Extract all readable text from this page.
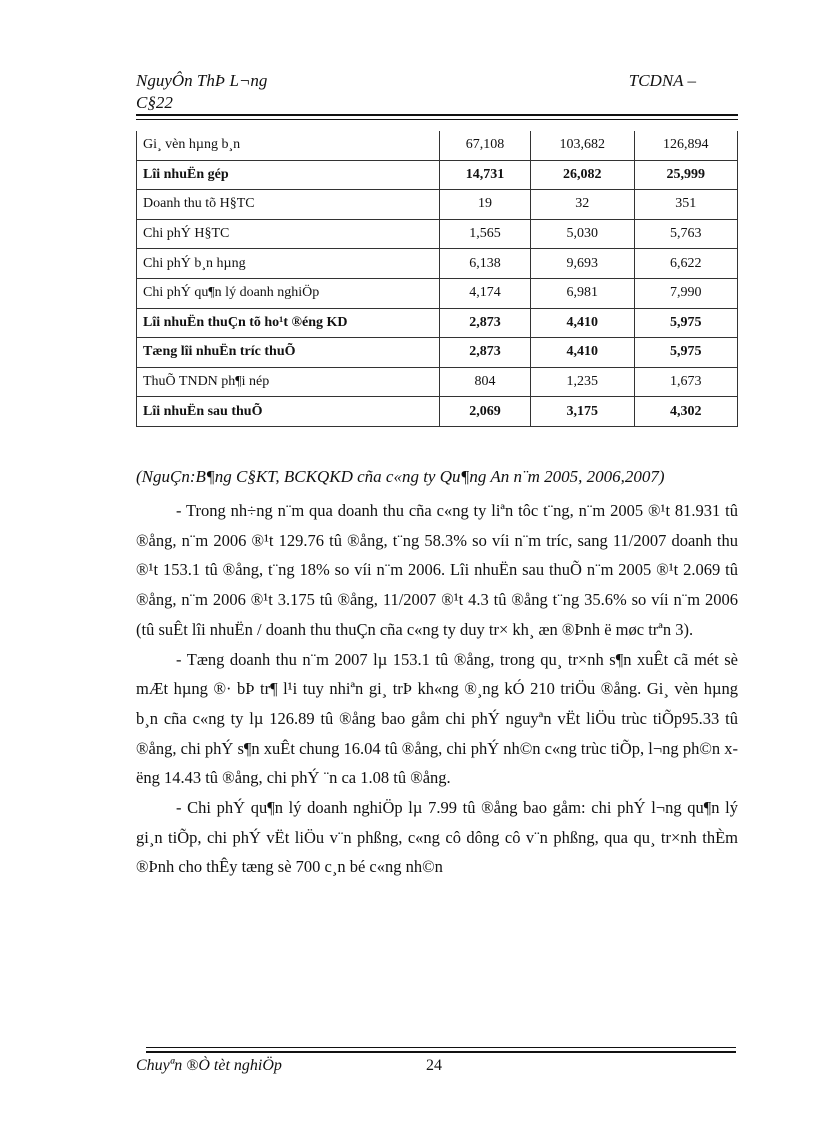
NguyÔn ThÞ L¬ng
C§22
TCDNA –
Gi¸ vèn hµng b¸n	67,108	103,682	126,894
Lîi nhuËn gép	14,731	26,082	25,999
Doanh thu tõ H§TC	19	32	351
Chi phÝ H§TC	1,565	5,030	5,763
Chi phÝ b¸n hµng	6,138	9,693	6,622
Chi phÝ qu¶n lý doanh nghiÖp	4,174	6,981	7,990
Lîi nhuËn thuÇn tõ ho¹t ®éng KD	2,873	4,410	5,975
Tæng lîi nhuËn tríc thuÕ	2,873	4,410	5,975
ThuÕ TNDN ph¶i nép	804	1,235	1,673
Lîi nhuËn sau thuÕ	2,069	3,175	4,302
(NguÇn:B¶ng C§KT, BCKQKD cña c«ng ty Qu¶ng An n¨m 2005, 2006,2007)

- Trong nh÷ng n¨m qua doanh thu cña c«ng ty liªn tôc t¨ng, n¨m 2005 ®¹t 81.931 tû ®ång, n¨m 2006 ®¹t 129.76 tû ®ång, t¨ng 58.3% so víi n¨m tríc, sang 11/2007 doanh thu ®¹t 153.1 tû ®ång, t¨ng 18% so víi n¨m 2006. Lîi nhuËn sau thuÕ n¨m 2005 ®¹t 2.069 tû ®ång, n¨m 2006 ®¹t 3.175 tû ®ång, 11/2007 ®¹t 4.3 tû ®ång t¨ng 35.6% so víi n¨m 2006 (tû suÊt lîi nhuËn / doanh thu thuÇn cña c«ng ty duy tr× kh¸ æn ®Þnh ë møc trªn 3).

- Tæng doanh thu n¨m 2007 lµ 153.1 tû ®ång, trong qu¸ tr×nh s¶n xuÊt cã mét sè mÆt hµng ®· bÞ tr¶ l¹i tuy nhiªn gi¸ trÞ kh«ng ®¸ng kÓ 210 triÖu ®ång. Gi¸ vèn hµng b¸n cña c«ng ty lµ 126.89 tû ®ång bao gåm chi phÝ nguyªn vËt liÖu trùc tiÕp95.33 tû ®ång, chi phÝ s¶n xuÊt chung 16.04 tû ®ång, chi phÝ nh©n c«ng trùc tiÕp, l¬ng ph©n xëng 14.43 tû ®ång, chi phÝ ¨n ca 1.08 tû ®ång.

- Chi phÝ qu¶n lý doanh nghiÖp lµ 7.99 tû ®ång bao gåm: chi phÝ l¬ng qu¶n lý gi¸n tiÕp, chi phÝ vËt liÖu v¨n phßng, c«ng cô dông cô v¨n phßng, qua qu¸ tr×nh thÈm ®Þnh cho thÊy tæng sè 700 c¸n bé c«ng nh©n

Chuyªn ®Ò tèt nghiÖp	24
